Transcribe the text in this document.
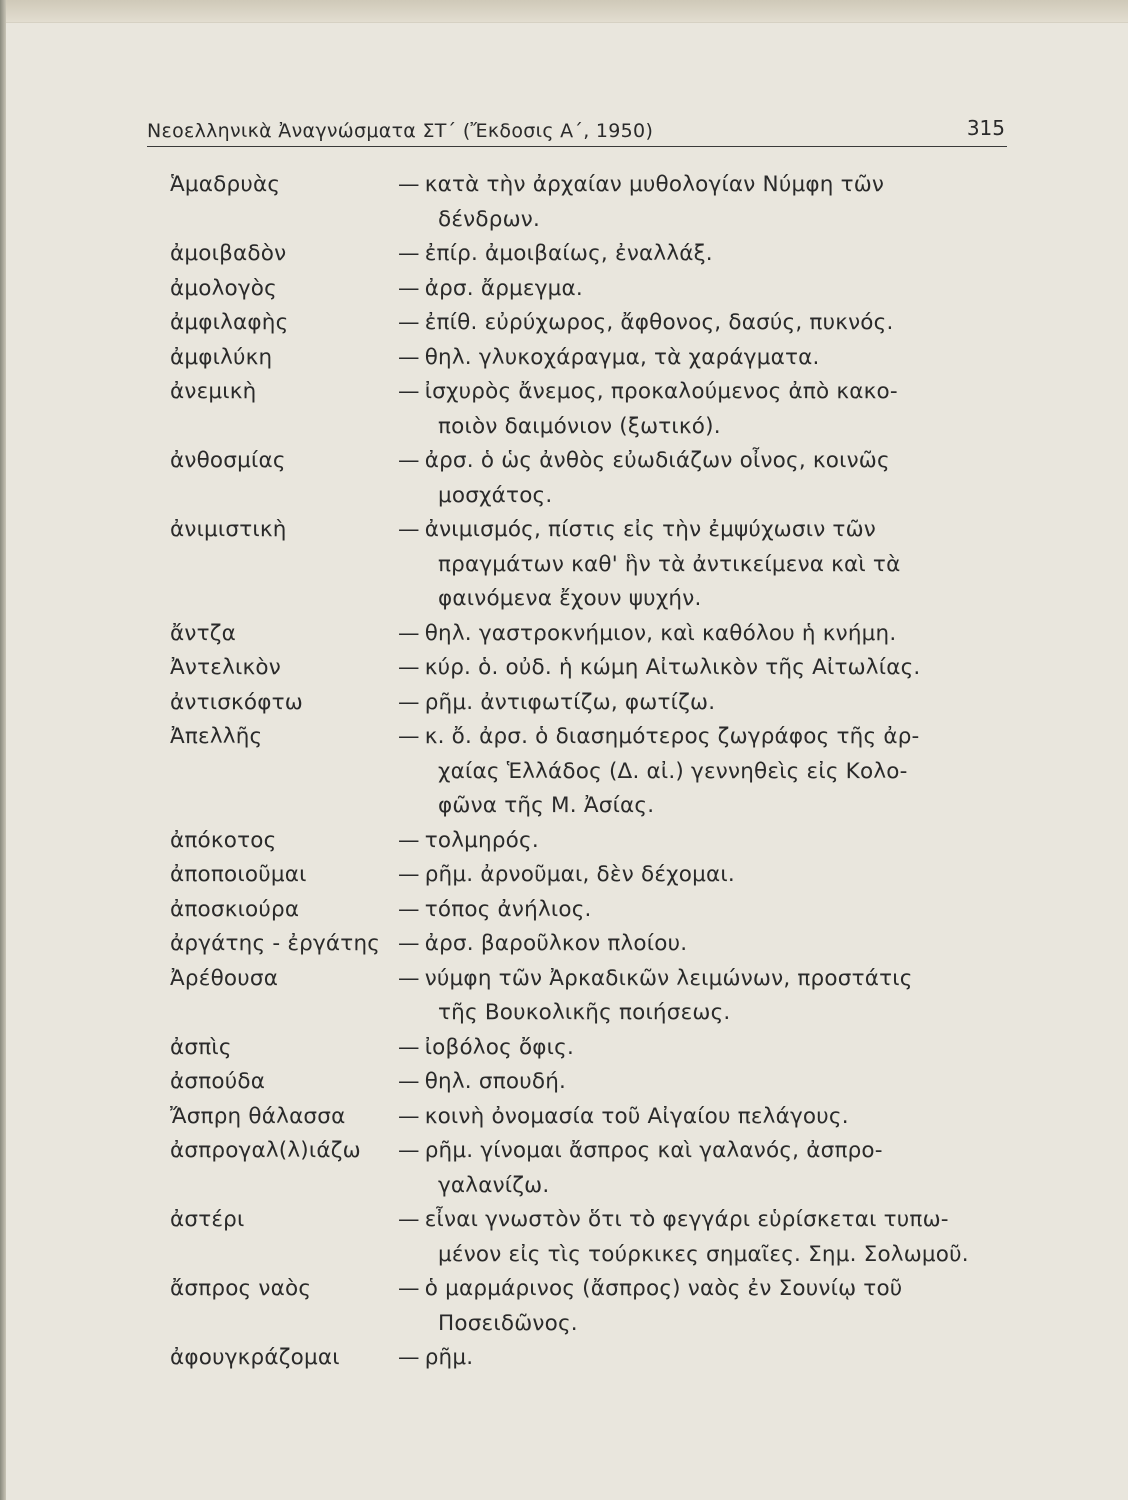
Νεοελληνικὰ Ἀναγνώσματα ΣΤ΄ (Ἔκδοσις Α΄, 1950)	315
Ἁμαδρυὰς	— κατὰ τὴν ἀρχαίαν μυθολογίαν Νύμφη τῶν
δένδρων.
ἀμοιβαδὸν	— ἐπίρ. ἀμοιβαίως, ἐναλλάξ.
ἀμολογὸς	— ἀρσ. ἄρμεγμα.
ἀμφιλαφὴς	— ἐπίθ. εὐρύχωρος, ἄφθονος, δασύς, πυκνός.
ἀμφιλύκη	— θηλ. γλυκοχάραγμα, τὰ χαράγματα.
ἀνεμικὴ	— ἰσχυρὸς ἄνεμος, προκαλούμενος ἀπὸ κακο-
ποιὸν δαιμόνιον (ξωτικό).
ἀνθοσμίας	— ἀρσ. ὁ ὡς ἀνθὸς εὐωδιάζων οἶνος, κοινῶς
μοσχάτος.
ἀνιμιστικὴ	— ἀνιμισμός, πίστις εἰς τὴν ἐμψύχωσιν τῶν
πραγμάτων καθ' ἣν τὰ ἀντικείμενα καὶ τὰ
φαινόμενα ἔχουν ψυχήν.
ἄντζα	— θηλ. γαστροκνήμιον, καὶ καθόλου ἡ κνήμη.
Ἀντελικὸν	— κύρ. ὁ. οὐδ. ἡ κώμη Αἰτωλικὸν τῆς Αἰτωλίας.
ἀντισκόφτω	— ρῆμ. ἀντιφωτίζω, φωτίζω.
Ἀπελλῆς	— κ. ὄ. ἀρσ. ὁ διασημότερος ζωγράφος τῆς ἀρ-
χαίας Ἑλλάδος (Δ. αἰ.) γεννηθεὶς εἰς Κολο-
φῶνα τῆς Μ. Ἀσίας.
ἀπόκοτος	— τολμηρός.
ἀποποιοῦμαι	— ρῆμ. ἀρνοῦμαι, δὲν δέχομαι.
ἀποσκιούρα	— τόπος ἀνήλιος.
ἀργάτης - ἐργάτης — ἀρσ. βαροῦλκον πλοίου.
Ἀρέθουσα	— νύμφη τῶν Ἀρκαδικῶν λειμώνων, προστάτις
τῆς Βουκολικῆς ποιήσεως.
ἀσπὶς	— ἰοβόλος ὄφις.
ἀσπούδα	— θηλ. σπουδή.
Ἄσπρη θάλασσα — κοινὴ ὀνομασία τοῦ Αἰγαίου πελάγους.
ἀσπρογαλ(λ)ιάζω — ρῆμ. γίνομαι ἄσπρος καὶ γαλανός, ἀσπρο-
γαλανίζω.
ἀστέρι	— εἶναι γνωστὸν ὅτι τὸ φεγγάρι εὑρίσκεται τυπω-
μένον εἰς τὶς τούρκικες σημαῖες. Σημ. Σολωμοῦ.
ἄσπρος ναὸς	— ὁ μαρμάρινος (ἄσπρος) ναὸς ἐν Σουνίῳ τοῦ
Ποσειδῶνος.
ἀφουγκράζομαι	— ρῆμ.
